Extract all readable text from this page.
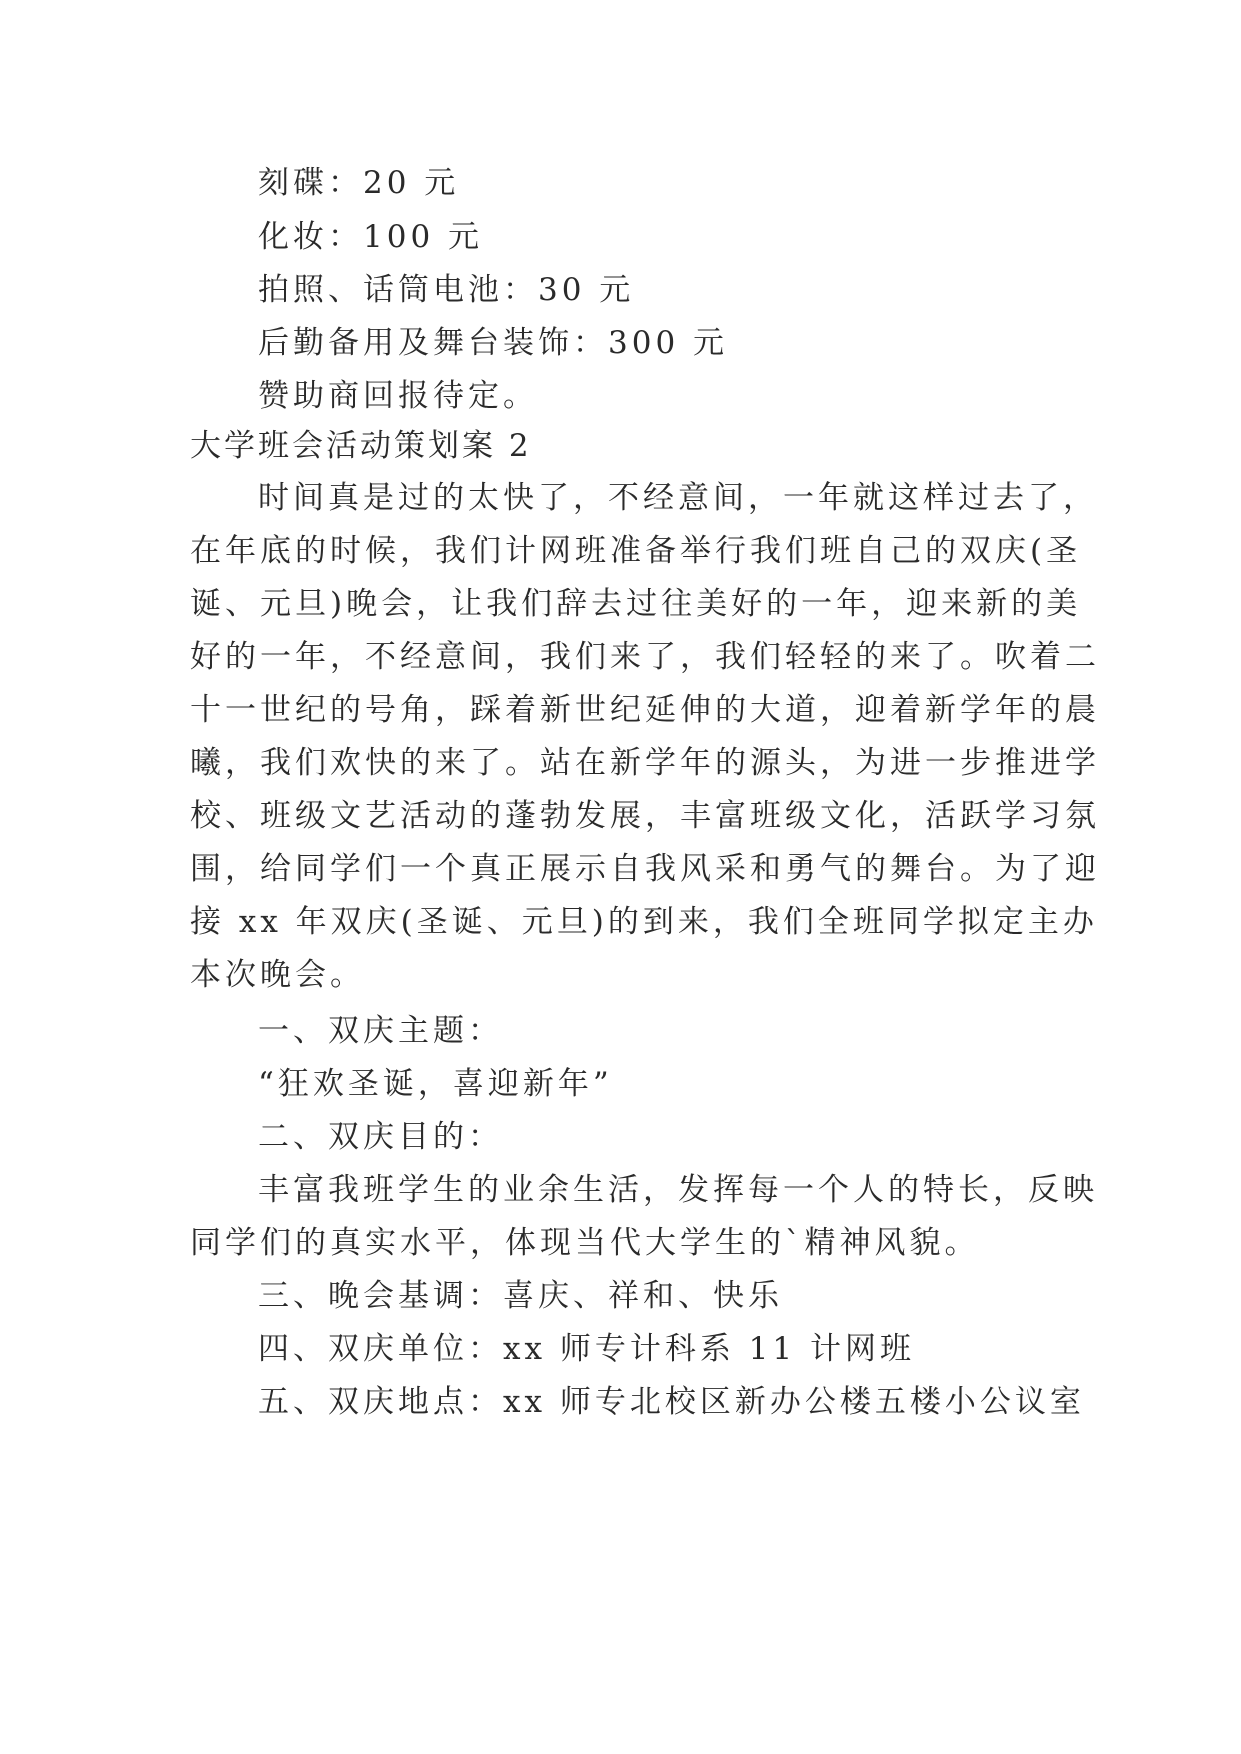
刻碟：20 元
化妆：100 元
拍照、话筒电池：30 元
后勤备用及舞台装饰：300 元
赞助商回报待定。
大学班会活动策划案 2
时间真是过的太快了，不经意间，一年就这样过去了，
在年底的时候，我们计网班准备举行我们班自己的双庆(圣
诞、元旦)晚会，让我们辞去过往美好的一年，迎来新的美
好的一年，不经意间，我们来了，我们轻轻的来了。吹着二
十一世纪的号角，踩着新世纪延伸的大道，迎着新学年的晨
曦，我们欢快的来了。站在新学年的源头，为进一步推进学
校、班级文艺活动的蓬勃发展，丰富班级文化，活跃学习氛
围，给同学们一个真正展示自我风采和勇气的舞台。为了迎
接 xx 年双庆(圣诞、元旦)的到来，我们全班同学拟定主办
本次晚会。
一、双庆主题：
“狂欢圣诞，喜迎新年”
二、双庆目的：
丰富我班学生的业余生活，发挥每一个人的特长，反映
同学们的真实水平，体现当代大学生的`精神风貌。
三、晚会基调：喜庆、祥和、快乐
四、双庆单位：xx 师专计科系 11 计网班
五、双庆地点：xx 师专北校区新办公楼五楼小公议室
